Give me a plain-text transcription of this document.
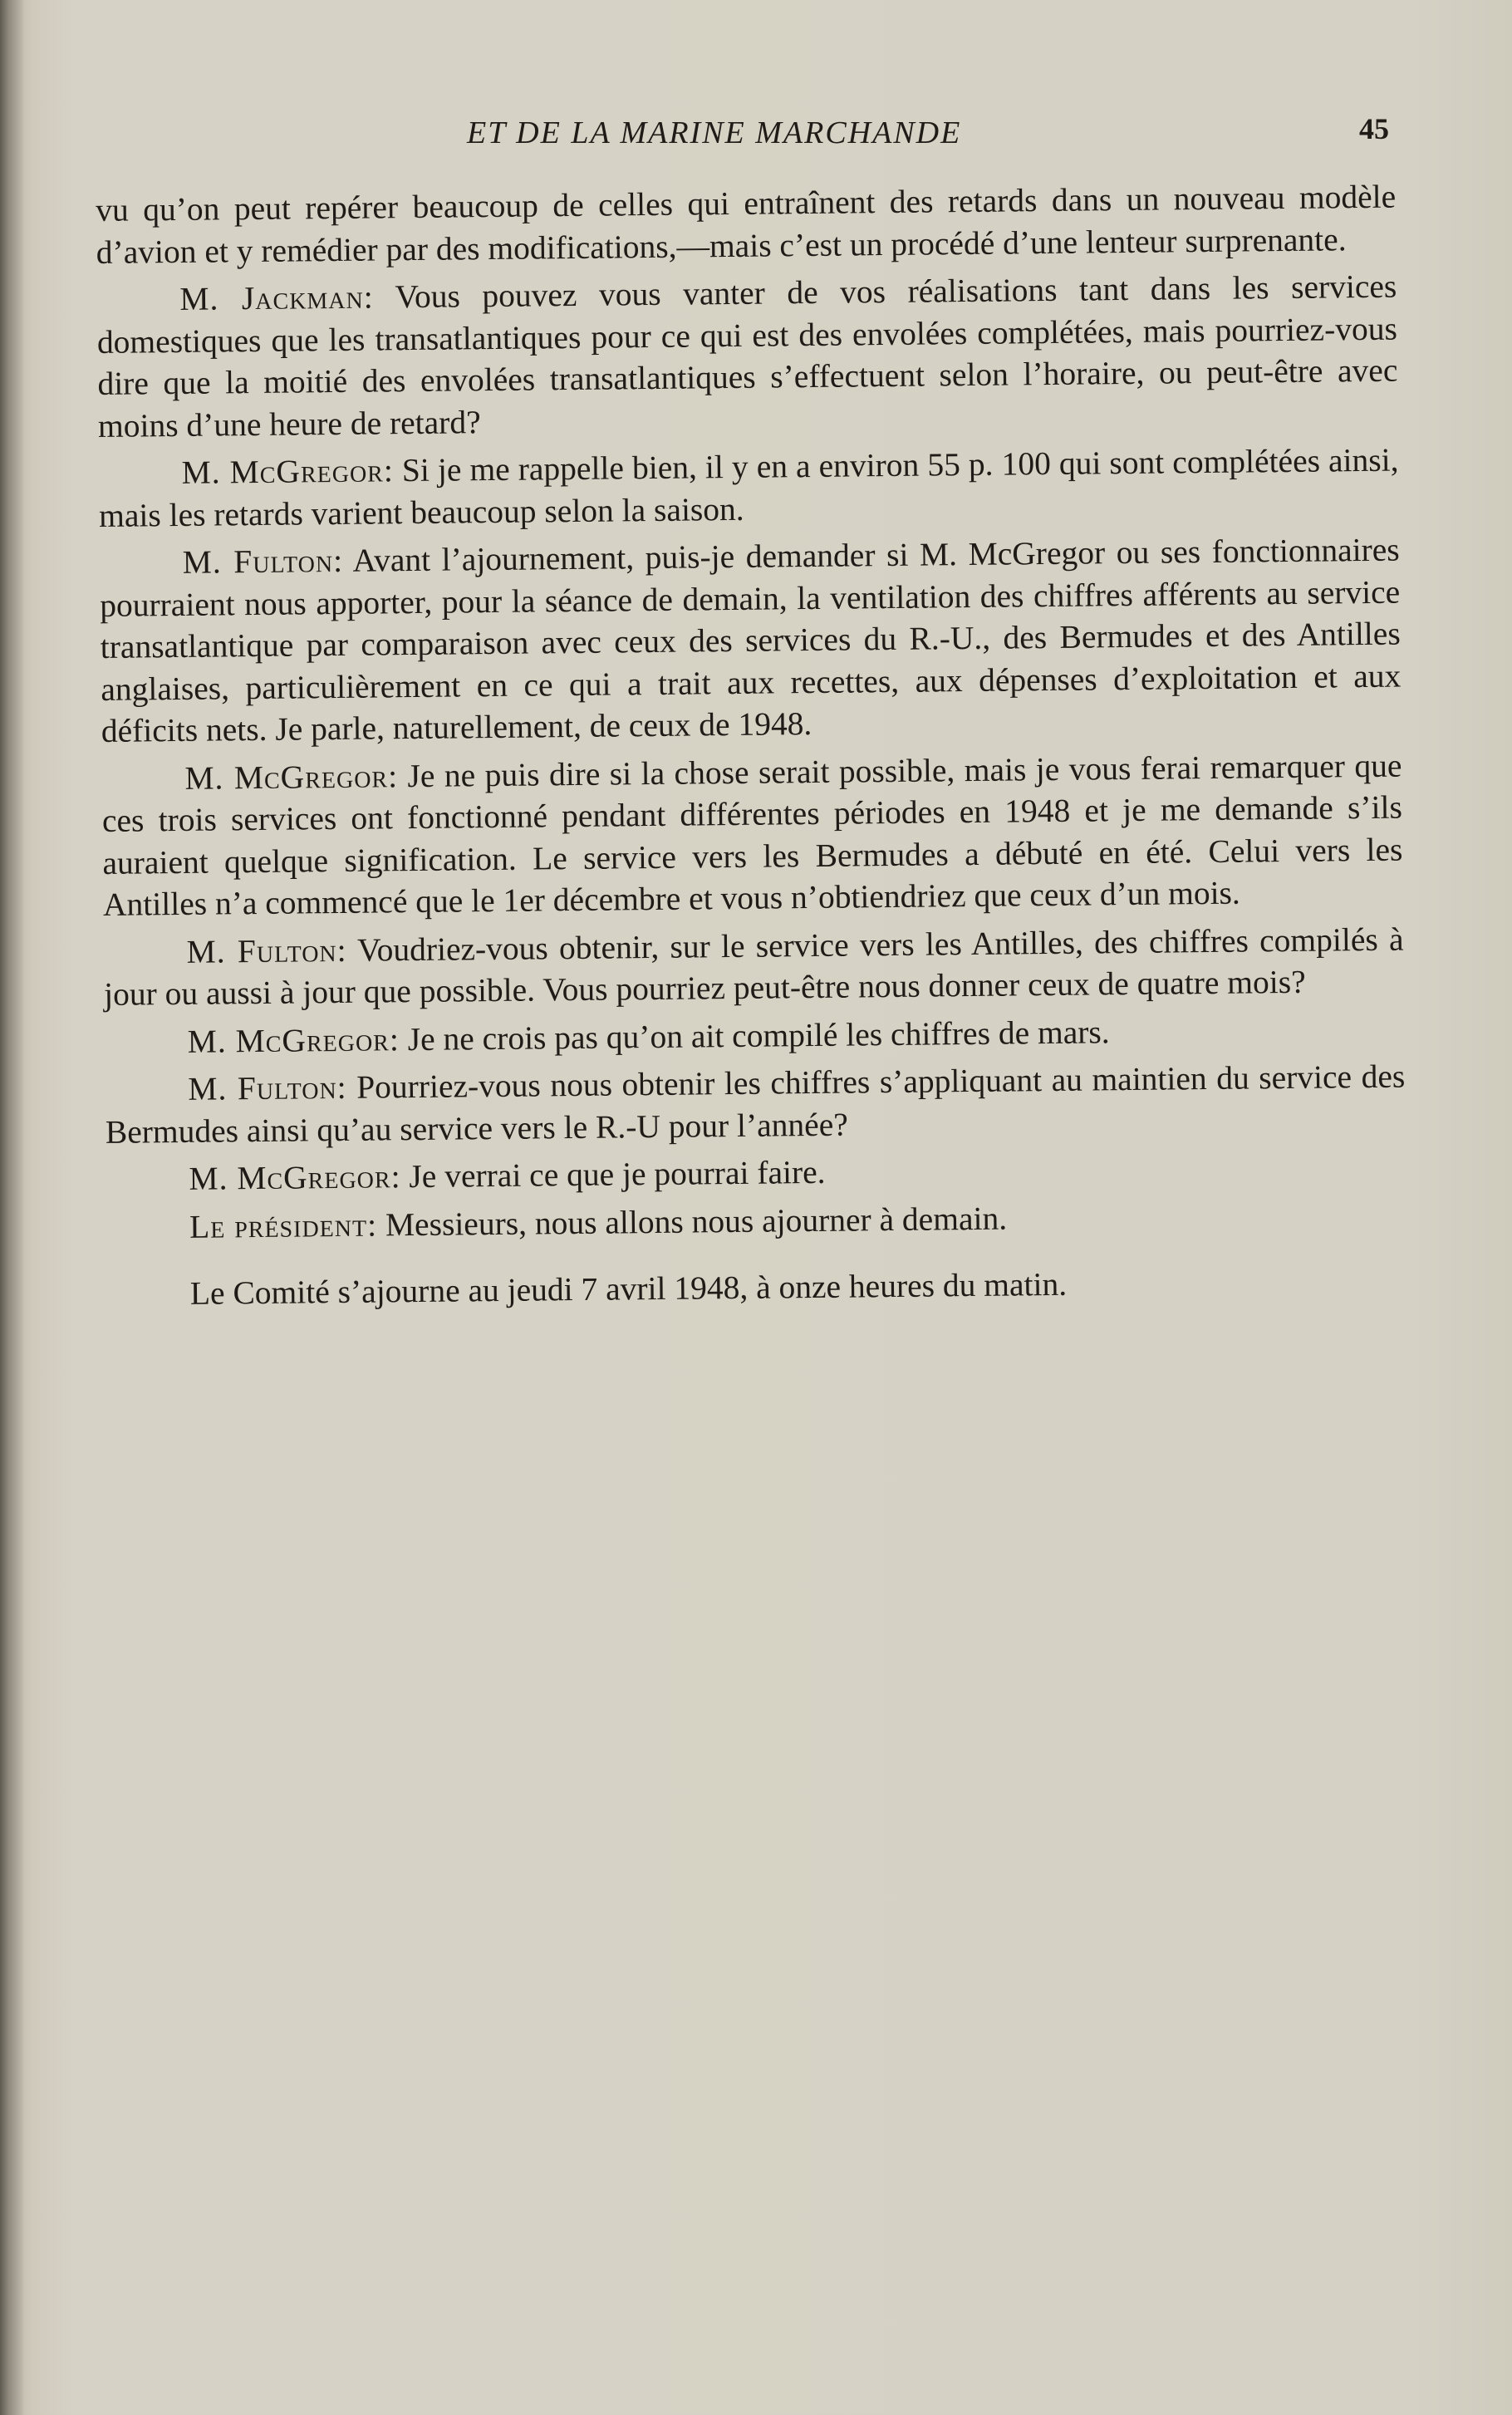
ET DE LA MARINE MARCHANDE	45

vu qu’on peut repérer beaucoup de celles qui entraînent des retards dans un nouveau modèle d’avion et y remédier par des modifications,—mais c’est un procédé d’une lenteur surprenante.

M. Jackman: Vous pouvez vous vanter de vos réalisations tant dans les services domestiques que les transatlantiques pour ce qui est des envolées complétées, mais pourriez-vous dire que la moitié des envolées transatlantiques s’effectuent selon l’horaire, ou peut-être avec moins d’une heure de retard?

M. McGregor: Si je me rappelle bien, il y en a environ 55 p. 100 qui sont complétées ainsi, mais les retards varient beaucoup selon la saison.

M. Fulton: Avant l’ajournement, puis-je demander si M. McGregor ou ses fonctionnaires pourraient nous apporter, pour la séance de demain, la ventilation des chiffres afférents au service transatlantique par comparaison avec ceux des services du R.-U., des Bermudes et des Antilles anglaises, particulièrement en ce qui a trait aux recettes, aux dépenses d’exploitation et aux déficits nets. Je parle, naturellement, de ceux de 1948.

M. McGregor: Je ne puis dire si la chose serait possible, mais je vous ferai remarquer que ces trois services ont fonctionné pendant différentes périodes en 1948 et je me demande s’ils auraient quelque signification. Le service vers les Bermudes a débuté en été. Celui vers les Antilles n’a commencé que le 1er décembre et vous n’obtiendriez que ceux d’un mois.

M. Fulton: Voudriez-vous obtenir, sur le service vers les Antilles, des chiffres compilés à jour ou aussi à jour que possible. Vous pourriez peut-être nous donner ceux de quatre mois?

M. McGregor: Je ne crois pas qu’on ait compilé les chiffres de mars.

M. Fulton: Pourriez-vous nous obtenir les chiffres s’appliquant au maintien du service des Bermudes ainsi qu’au service vers le R.-U pour l’année?

M. McGregor: Je verrai ce que je pourrai faire.

Le président: Messieurs, nous allons nous ajourner à demain.

Le Comité s’ajourne au jeudi 7 avril 1948, à onze heures du matin.
